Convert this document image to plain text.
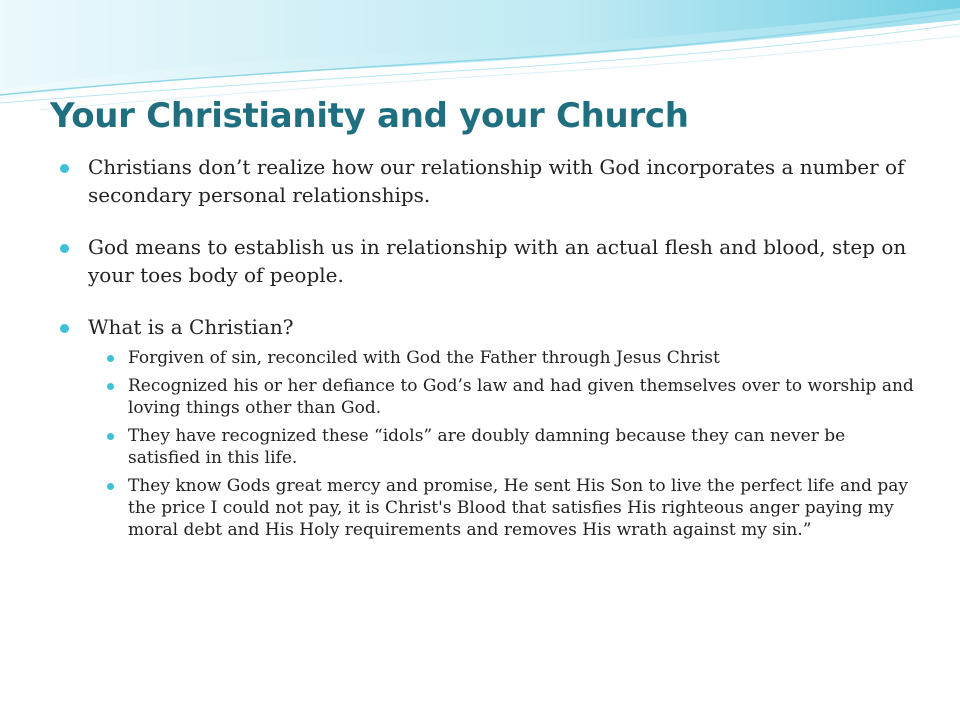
Your Christianity and your Church
Christians don’t realize how our relationship with God incorporates a number of secondary personal relationships.
God means to establish us in relationship with an actual flesh and blood, step on your toes body of people.
What is a Christian?
Forgiven of sin, reconciled with God the Father through Jesus Christ
Recognized his or her defiance to God’s law and had given themselves over to worship and loving things other than God.
They have recognized these “idols” are doubly damning because they can never be satisfied in this life.
They know Gods great mercy and promise, He sent His Son to live the perfect life and pay the price I could not pay, it is Christ's Blood that satisfies His righteous anger paying my moral debt and His Holy requirements and removes His wrath against my sin.”
